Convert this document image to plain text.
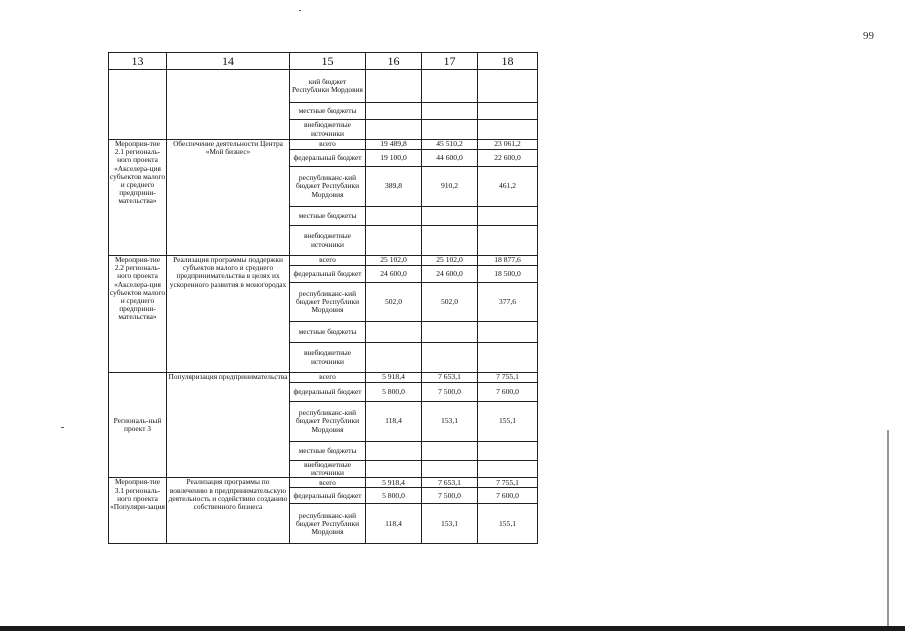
99
13	14	15	16	17	18
		кий бюджет Республики Мордовия			
		местные бюджеты			
		внебюджетные источники			
Мероприя-тие 2.1 региональ-ного проекта «Акселера-ция субъектов малого и среднего предприни-мательства»	Обеспечение деятельности Центра «Мой бизнес»	всего	19 489,8	45 510,2	23 061,2
		федеральный бюджет	19 100,0	44 600,0	22 600,0
		республиканс-кий бюджет Республики Мордовия	389,8	910,2	461,2
		местные бюджеты			
		внебюджетные источники			
Мероприя-тие 2.2 региональ-ного проекта «Акселера-ция субъектов малого и среднего предприни-мательства»	Реализация программы поддержки субъектов малого и среднего предпринимательства в целях их ускоренного развития в моногородах	всего	25 102,0	25 102,0	18 877,6
		федеральный бюджет	24 600,0	24 600,0	18 500,0
		республиканс-кий бюджет Республики Мордовия	502,0	502,0	377,6
		местные бюджеты			
		внебюджетные источники			
Региональ-ный проект 3	Популяризация предпринимательства	всего	5 918,4	7 653,1	7 755,1
		федеральный бюджет	5 800,0	7 500,0	7 600,0
		республиканс-кий бюджет Республики Мордовия	118,4	153,1	155,1
		местные бюджеты			
		внебюджетные источники			
Мероприя-тие 3.1 региональ-ного проекта «Популяри-зация	Реализация программы по вовлечению в предпринимательскую деятельность и содействию созданию собственного бизнеса	всего	5 918,4	7 653,1	7 755,1
		федеральный бюджет	5 800,0	7 500,0	7 600,0
		республиканс-кий бюджет Республики Мордовия	118,4	153,1	155,1
